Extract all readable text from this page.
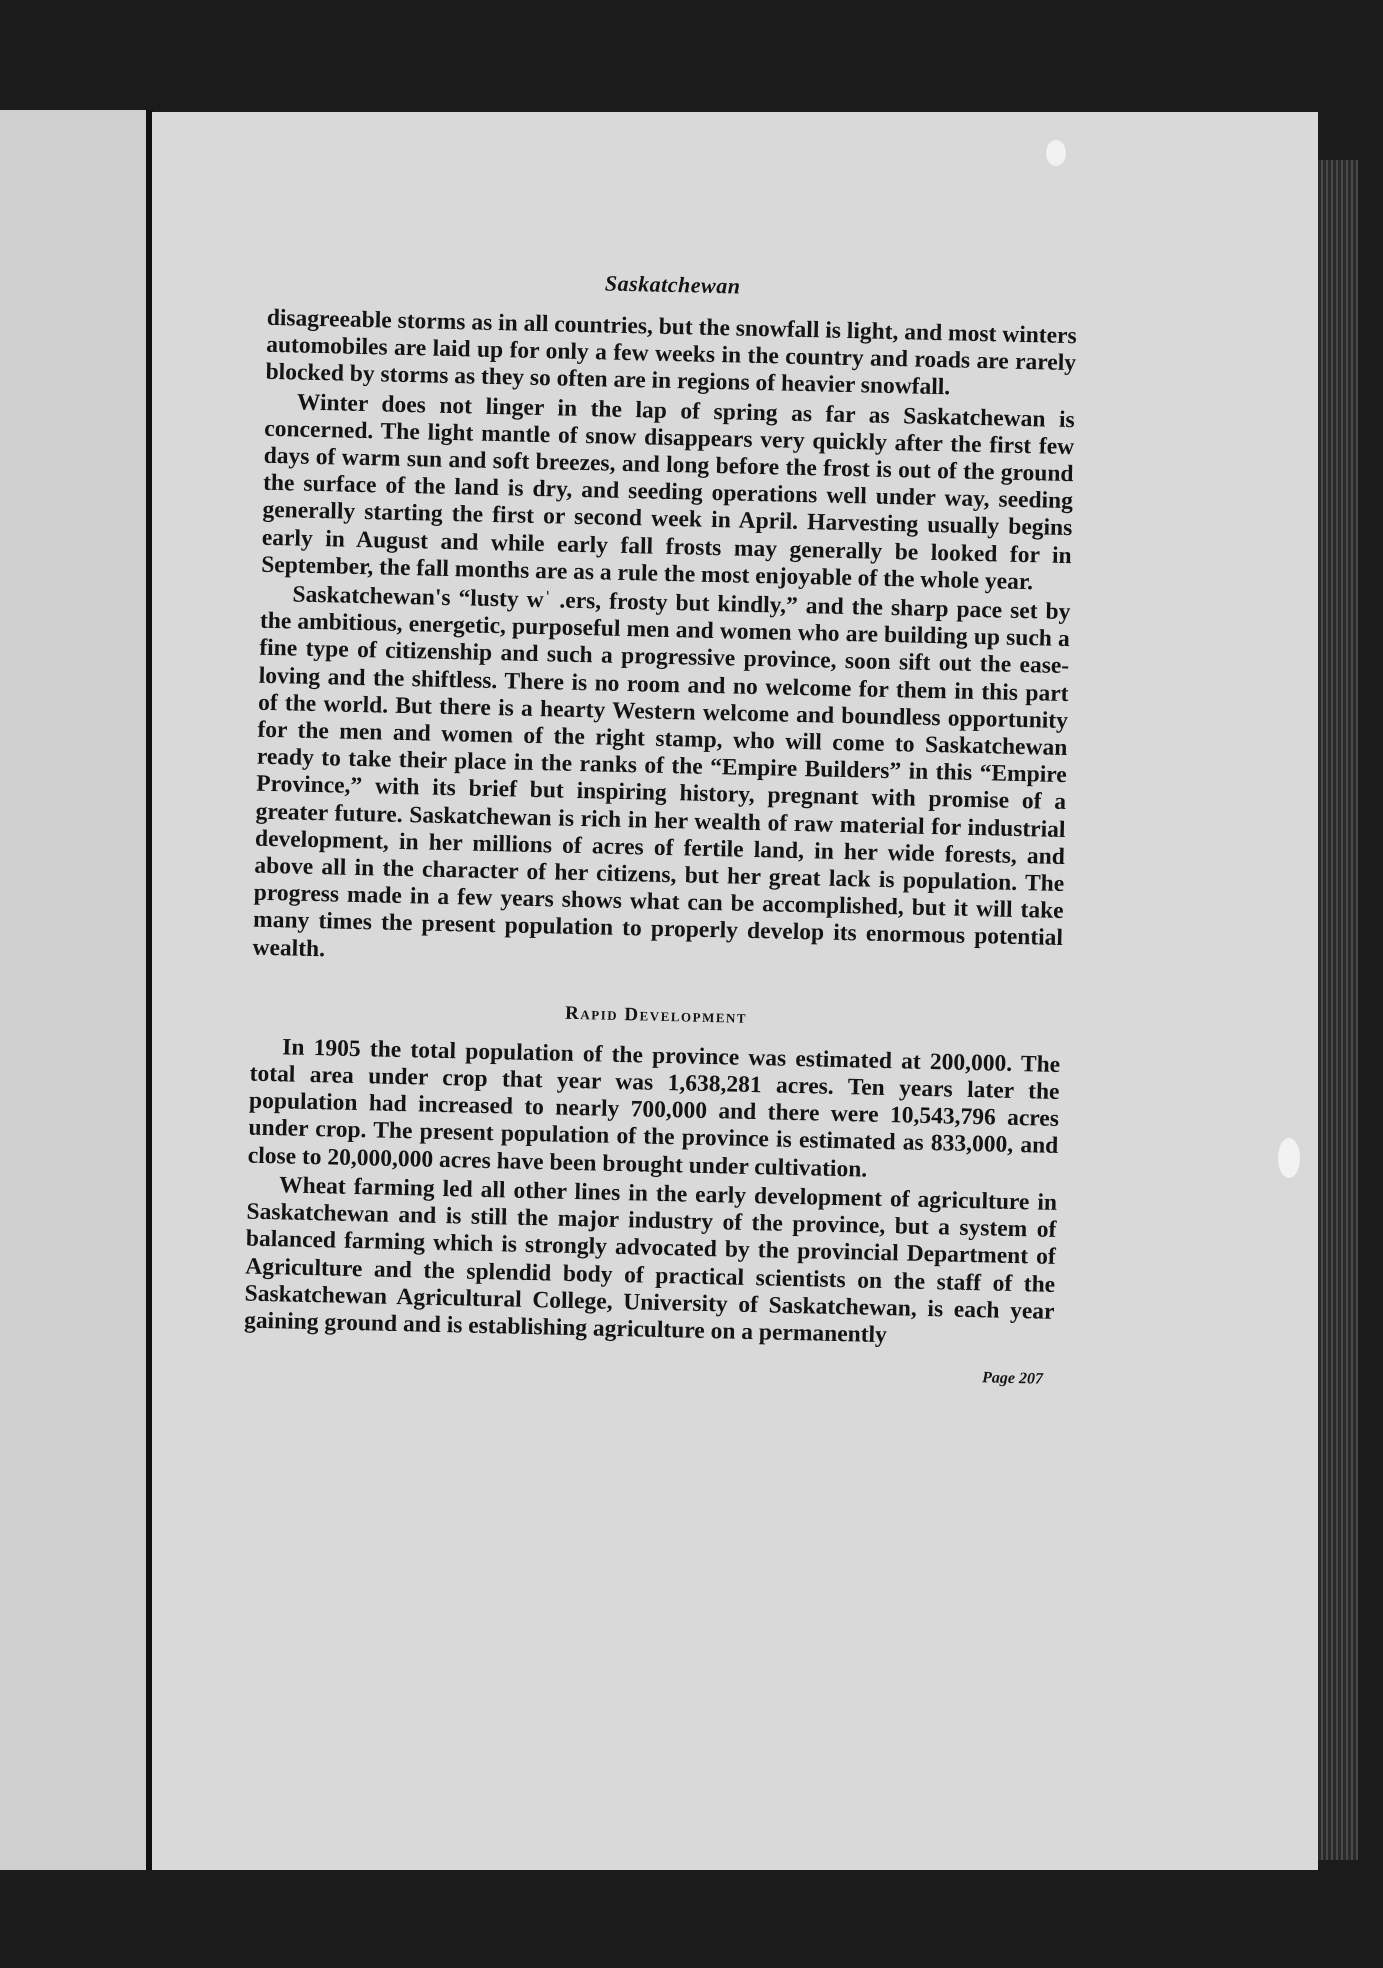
Saskatchewan

disagreeable storms as in all countries, but the snowfall is light, and most winters automobiles are laid up for only a few weeks in the country and roads are rarely blocked by storms as they so often are in regions of heavier snowfall.

Winter does not linger in the lap of spring as far as Saskatchewan is concerned. The light mantle of snow disappears very quickly after the first few days of warm sun and soft breezes, and long before the frost is out of the ground the surface of the land is dry, and seeding operations well under way, seeding generally starting the first or second week in April. Harvesting usually begins early in August and while early fall frosts may generally be looked for in September, the fall months are as a rule the most enjoyable of the whole year.

Saskatchewan's “lusty wˈ .ers, frosty but kindly,” and the sharp pace set by the ambitious, energetic, purposeful men and women who are building up such a fine type of citizenship and such a progressive province, soon sift out the ease-loving and the shiftless. There is no room and no welcome for them in this part of the world. But there is a hearty Western welcome and boundless opportunity for the men and women of the right stamp, who will come to Saskatchewan ready to take their place in the ranks of the “Empire Builders” in this “Empire Province,” with its brief but inspiring history, pregnant with promise of a greater future. Saskatchewan is rich in her wealth of raw material for industrial development, in her millions of acres of fertile land, in her wide forests, and above all in the character of her citizens, but her great lack is population. The progress made in a few years shows what can be accomplished, but it will take many times the present population to properly develop its enormous potential wealth.

Rapid Development

In 1905 the total population of the province was estimated at 200,000. The total area under crop that year was 1,638,281 acres. Ten years later the population had increased to nearly 700,000 and there were 10,543,796 acres under crop. The present population of the province is estimated as 833,000, and close to 20,000,000 acres have been brought under cultivation.

Wheat farming led all other lines in the early development of agriculture in Saskatchewan and is still the major industry of the province, but a system of balanced farming which is strongly advocated by the provincial Department of Agriculture and the splendid body of practical scientists on the staff of the Saskatchewan Agricultural College, University of Saskatchewan, is each year gaining ground and is establishing agriculture on a permanently

Page 207
